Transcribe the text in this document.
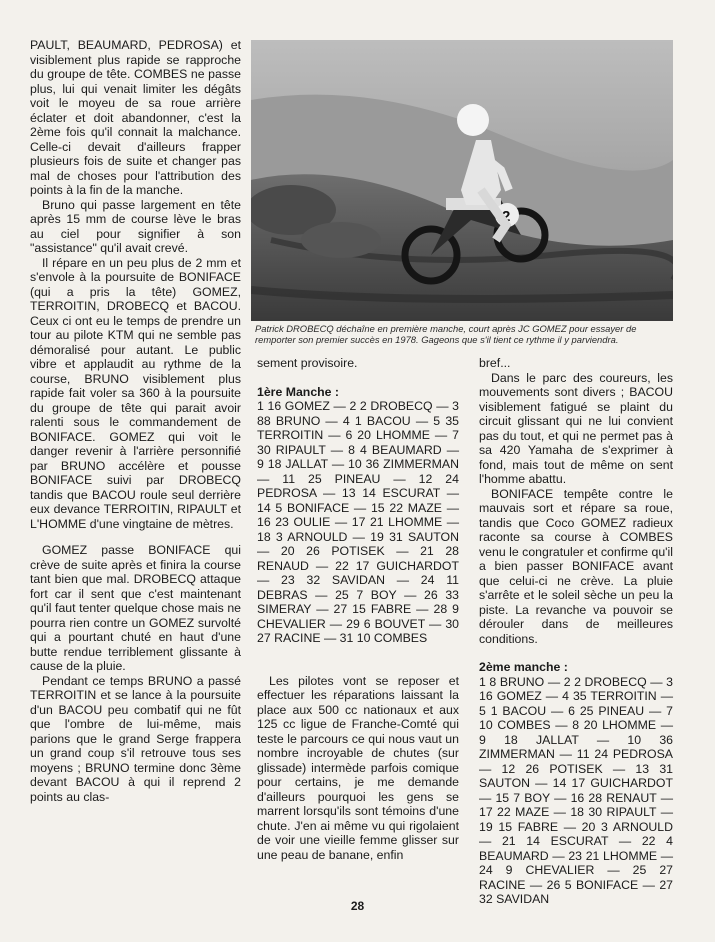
PAULT, BEAUMARD, PEDROSA) et visiblement plus rapide se rapproche du groupe de tête. COMBES ne passe plus, lui qui venait limiter les dégâts voit le moyeu de sa roue arrière éclater et doit abandonner, c'est la 2ème fois qu'il connait la malchance. Celle-ci devait d'ailleurs frapper plusieurs fois de suite et changer pas mal de choses pour l'attribution des points à la fin de la manche.

Bruno qui passe largement en tête après 15 mm de course lève le bras au ciel pour signifier à son "assistance" qu'il avait crevé.

Il répare en un peu plus de 2 mm et s'envole à la poursuite de BONIFACE (qui a pris la tête) GOMEZ, TERROITIN, DROBECQ et BACOU. Ceux ci ont eu le temps de prendre un tour au pilote KTM qui ne semble pas démoralisé pour autant. Le public vibre et applaudit au rythme de la course, BRUNO visiblement plus rapide fait voler sa 360 à la poursuite du groupe de tête qui parait avoir ralenti sous le commandement de BONIFACE. GOMEZ qui voit le danger revenir à l'arrière personnifié par BRUNO accélère et pousse BONIFACE suivi par DROBECQ tandis que BACOU roule seul derrière eux devance TERROITIN, RIPAULT et L'HOMME d'une vingtaine de mètres.

GOMEZ passe BONIFACE qui crève de suite après et finira la course tant bien que mal. DROBECQ attaque fort car il sent que c'est maintenant qu'il faut tenter quelque chose mais ne pourra rien contre un GOMEZ survolté qui a pourtant chuté en haut d'une butte rendue terriblement glissante à cause de la pluie.

Pendant ce temps BRUNO a passé TERROITIN et se lance à la poursuite d'un BACOU peu combatif qui ne fût que l'ombre de lui-même, mais parions que le grand Serge frappera un grand coup s'il retrouve tous ses moyens ; BRUNO termine donc 3ème devant BACOU à qui il reprend 2 points au clas-

2

Patrick DROBECQ déchaîne en première manche, court après JC GOMEZ pour essayer de remporter son premier succès en 1978. Gageons que s'il tient ce rythme il y parviendra.

sement provisoire.

1ère Manche :

1 16 GOMEZ — 2 2 DROBECQ — 3 88 BRUNO — 4 1 BACOU — 5 35 TERROITIN — 6 20 LHOMME — 7 30 RIPAULT — 8 4 BEAUMARD — 9 18 JALLAT — 10 36 ZIMMERMAN — 11 25 PINEAU — 12 24 PEDROSA — 13 14 ESCURAT — 14 5 BONIFACE — 15 22 MAZE — 16 23 OULIE — 17 21 LHOMME — 18 3 ARNOULD — 19 31 SAUTON — 20 26 POTISEK — 21 28 RENAUD — 22 17 GUICHARDOT — 23 32 SAVIDAN — 24 11 DEBRAS — 25 7 BOY — 26 33 SIMERAY — 27 15 FABRE — 28 9 CHEVALIER — 29 6 BOUVET — 30 27 RACINE — 31 10 COMBES

Les pilotes vont se reposer et effectuer les réparations laissant la place aux 500 cc nationaux et aux 125 cc ligue de Franche-Comté qui teste le parcours ce qui nous vaut un nombre incroyable de chutes (sur glissade) intermède parfois comique pour certains, je me demande d'ailleurs pourquoi les gens se marrent lorsqu'ils sont témoins d'une chute. J'en ai même vu qui rigolaient de voir une vieille femme glisser sur une peau de banane, enfin

bref...

Dans le parc des coureurs, les mouvements sont divers ; BACOU visiblement fatigué se plaint du circuit glissant qui ne lui convient pas du tout, et qui ne permet pas à sa 420 Yamaha de s'exprimer à fond, mais tout de même on sent l'homme abattu.

BONIFACE tempête contre le mauvais sort et répare sa roue, tandis que Coco GOMEZ radieux raconte sa course à COMBES venu le congratuler et confirme qu'il a bien passer BONIFACE avant que celui-ci ne crève. La pluie s'arrête et le soleil sèche un peu la piste. La revanche va pouvoir se dérouler dans de meilleures conditions.

2ème manche :

1 8 BRUNO — 2 2 DROBECQ — 3 16 GOMEZ — 4 35 TERROITIN — 5 1 BACOU — 6 25 PINEAU — 7 10 COMBES — 8 20 LHOMME — 9 18 JALLAT — 10 36 ZIMMERMAN — 11 24 PEDROSA — 12 26 POTISEK — 13 31 SAUTON — 14 17 GUICHARDOT — 15 7 BOY — 16 28 RENAUT — 17 22 MAZE — 18 30 RIPAULT — 19 15 FABRE — 20 3 ARNOULD — 21 14 ESCURAT — 22 4 BEAUMARD — 23 21 LHOMME — 24 9 CHEVALIER — 25 27 RACINE — 26 5 BONIFACE — 27 32 SAVIDAN

28
